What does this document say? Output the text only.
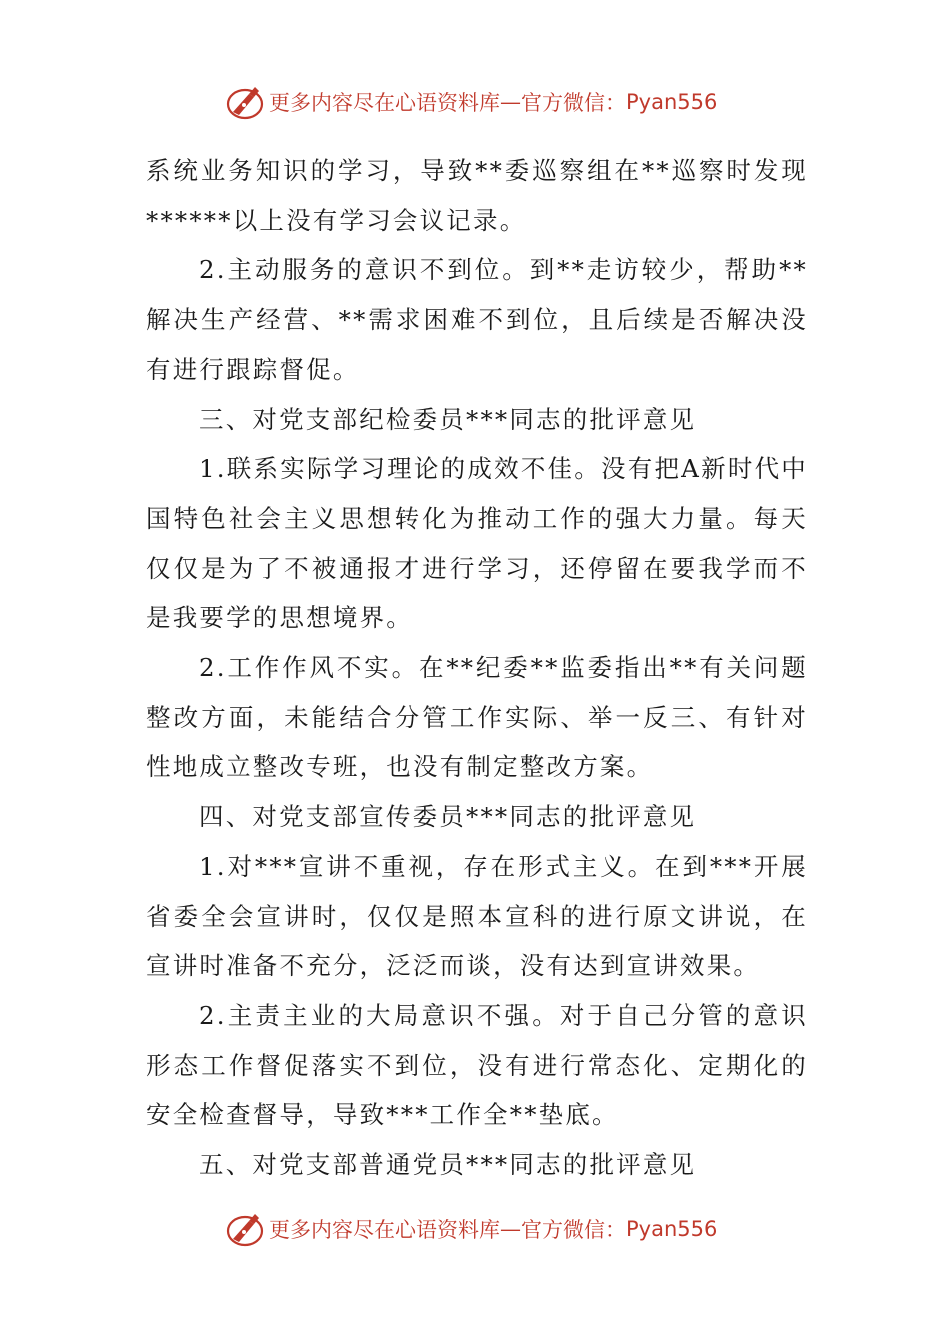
更多内容尽在心语资料库 — 官方微信： Pyan556

系统业务知识的学习，导致**委巡察组在**巡察时发现******以上没有学习会议记录。

2.主动服务的意识不到位。到**走访较少，帮助**解决生产经营、**需求困难不到位，且后续是否解决没有进行跟踪督促。

三、对党支部纪检委员***同志的批评意见

1.联系实际学习理论的成效不佳。没有把A新时代中国特色社会主义思想转化为推动工作的强大力量。每天仅仅是为了不被通报才进行学习，还停留在要我学而不是我要学的思想境界。

2.工作作风不实。在**纪委**监委指出**有关问题整改方面，未能结合分管工作实际、举一反三、有针对性地成立整改专班，也没有制定整改方案。

四、对党支部宣传委员***同志的批评意见

1.对***宣讲不重视，存在形式主义。在到***开展省委全会宣讲时，仅仅是照本宣科的进行原文讲说，在宣讲时准备不充分，泛泛而谈，没有达到宣讲效果。

2.主责主业的大局意识不强。对于自己分管的意识形态工作督促落实不到位，没有进行常态化、定期化的安全检查督导，导致***工作全**垫底。

五、对党支部普通党员***同志的批评意见

更多内容尽在心语资料库 — 官方微信： Pyan556
